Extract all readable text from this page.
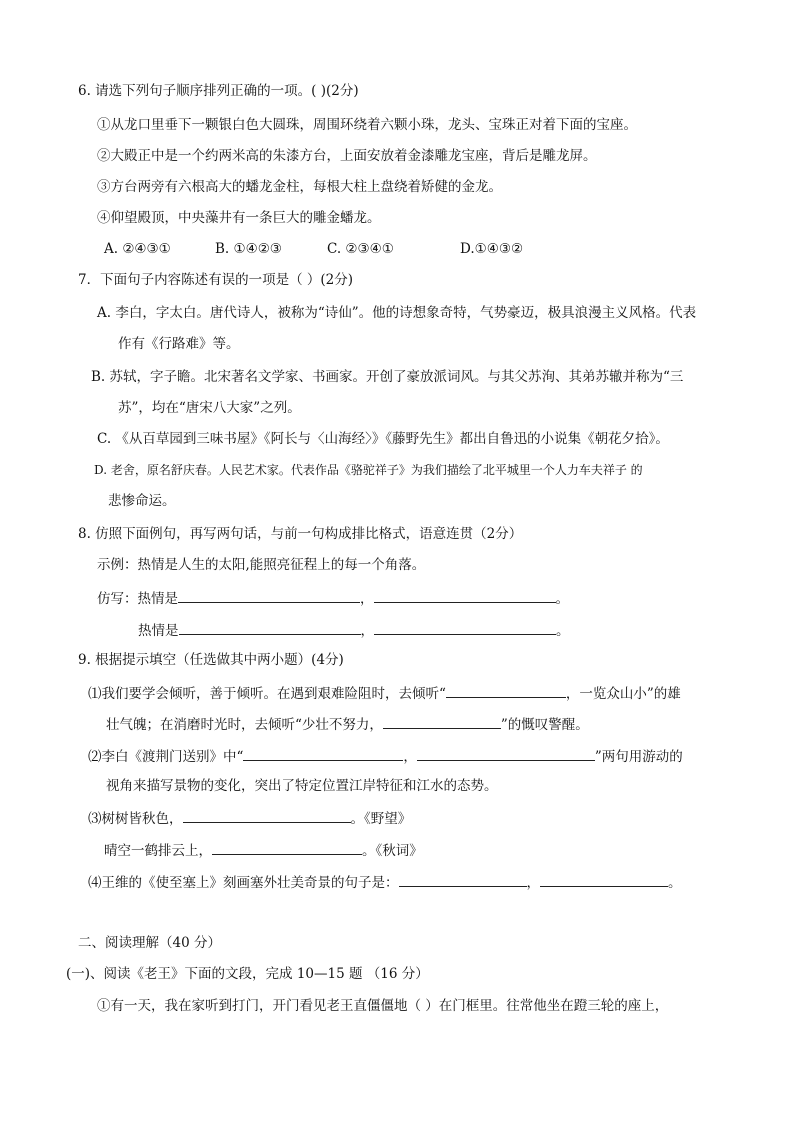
6. 请选下列句子顺序排列正确的一项。( )(2分)
①从龙口里垂下一颗银白色大圆珠，周围环绕着六颗小珠，龙头、宝珠正对着下面的宝座。
②大殿正中是一个约两米高的朱漆方台，上面安放着金漆雕龙宝座，背后是雕龙屏。
③方台两旁有六根高大的蟠龙金柱，每根大柱上盘绕着矫健的金龙。
④仰望殿顶，中央藻井有一条巨大的雕金蟠龙。
A. ②④③①	B. ①④②③	C. ②③④①	D.①④③②
7．下面句子内容陈述有误的一项是（ ）(2分)
A. 李白，字太白。唐代诗人，被称为“诗仙”。他的诗想象奇特，气势豪迈，极具浪漫主义风格。代表
作有《行路难》等。
B. 苏轼，字子瞻。北宋著名文学家、书画家。开创了豪放派词风。与其父苏洵、其弟苏辙并称为“三
苏”，均在“唐宋八大家”之列。
C. 《从百草园到三味书屋》《阿长与〈山海经〉》《藤野先生》都出自鲁迅的小说集《朝花夕拾》。
D. 老舍，原名舒庆春。人民艺术家。代表作品《骆驼祥子》为我们描绘了北平城里一个人力车夫祥子 的
悲惨命运。
8. 仿照下面例句，再写两句话，与前一句构成排比格式，语意连贯（2分）
示例：热情是人生的太阳,能照亮征程上的每一个角落。
仿写：热情是	，	。
热情是	，	。
9. 根据提示填空（任选做其中两小题）(4分)
⑴我们要学会倾听，善于倾听。在遇到艰难险阻时，去倾听“	，一览众山小”的雄
壮气魄；在消磨时光时，去倾听“少壮不努力，	”的慨叹警醒。
⑵李白《渡荆门送别》中“	，	”两句用游动的
视角来描写景物的变化，突出了特定位置江岸特征和江水的态势。
⑶树树皆秋色，	。《野望》
晴空一鹤排云上，	。《秋词》
⑷王维的《使至塞上》刻画塞外壮美奇景的句子是：	，	。
二、阅读理解（40 分）
(一)、阅读《老王》下面的文段，完成 10—15 题 （16 分）
①有一天，我在家听到打门，开门看见老王直僵僵地（ ）在门框里。往常他坐在蹬三轮的座上，
